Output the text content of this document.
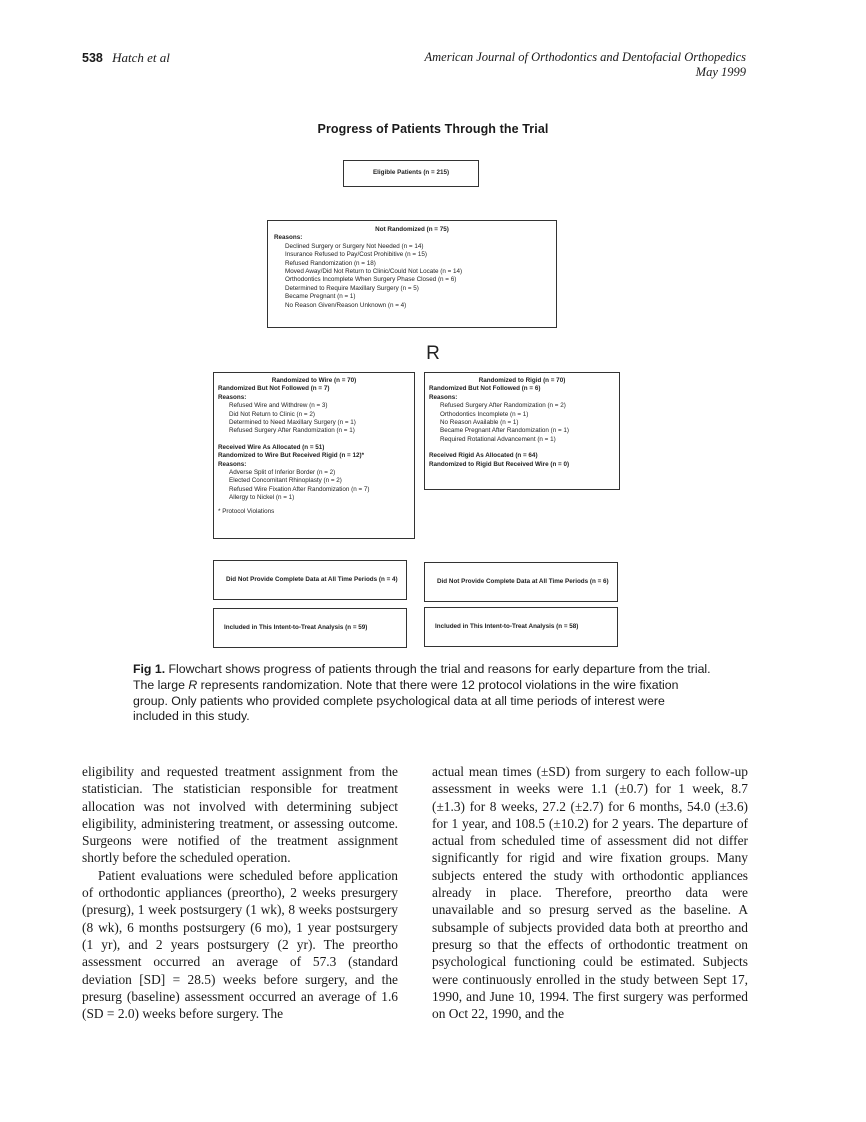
538 Hatch et al	American Journal of Orthodontics and Dentofacial Orthopedics
May 1999
Progress of Patients Through the Trial
Eligible Patients (n = 215)
Not Randomized (n = 75)
Reasons:
Declined Surgery or Surgery Not Needed (n = 14)
Insurance Refused to Pay/Cost Prohibitive (n = 15)
Refused Randomization (n = 18)
Moved Away/Did Not Return to Clinic/Could Not Locate (n = 14)
Orthodontics Incomplete When Surgery Phase Closed (n = 6)
Determined to Require Maxillary Surgery (n = 5)
Became Pregnant (n = 1)
No Reason Given/Reason Unknown (n = 4)
R
Randomized to Wire (n = 70)
Randomized But Not Followed (n = 7)
Reasons:
Refused Wire and Withdrew (n = 3)
Did Not Return to Clinic (n = 2)
Determined to Need Maxillary Surgery (n = 1)
Refused Surgery After Randomization (n = 1)
Received Wire As Allocated (n = 51)
Randomized to Wire But Received Rigid (n = 12)*
Reasons:
Adverse Split of Inferior Border (n = 2)
Elected Concomitant Rhinoplasty (n = 2)
Refused Wire Fixation After Randomization (n = 7)
Allergy to Nickel (n = 1)
* Protocol Violations
Randomized to Rigid (n = 70)
Randomized But Not Followed (n = 6)
Reasons:
Refused Surgery After Randomization (n = 2)
Orthodontics Incomplete (n = 1)
No Reason Available (n = 1)
Became Pregnant After Randomization (n = 1)
Required Rotational Advancement (n = 1)
Received Rigid As Allocated (n = 64)
Randomized to Rigid But Received Wire (n = 0)
Did Not Provide Complete Data at All Time Periods (n = 4)	Did Not Provide Complete Data at All Time Periods (n = 6)
Included in This Intent-to-Treat Analysis (n = 59)	Included in This Intent-to-Treat Analysis (n = 58)
Fig 1. Flowchart shows progress of patients through the trial and reasons for early departure from the trial. The large R represents randomization. Note that there were 12 protocol violations in the wire fixation group. Only patients who provided complete psychological data at all time periods of interest were included in this study.

eligibility and requested treatment assignment from the statistician. The statistician responsible for treatment allocation was not involved with determining subject eligibility, administering treatment, or assessing outcome. Surgeons were notified of the treatment assignment shortly before the scheduled operation.

Patient evaluations were scheduled before application of orthodontic appliances (preortho), 2 weeks presurgery (presurg), 1 week postsurgery (1 wk), 8 weeks postsurgery (8 wk), 6 months postsurgery (6 mo), 1 year postsurgery (1 yr), and 2 years postsurgery (2 yr). The preortho assessment occurred an average of 57.3 (standard deviation [SD] = 28.5) weeks before surgery, and the presurg (baseline) assessment occurred an average of 1.6 (SD = 2.0) weeks before surgery. The

actual mean times (±SD) from surgery to each follow-up assessment in weeks were 1.1 (±0.7) for 1 week, 8.7 (±1.3) for 8 weeks, 27.2 (±2.7) for 6 months, 54.0 (±3.6) for 1 year, and 108.5 (±10.2) for 2 years. The departure of actual from scheduled time of assessment did not differ significantly for rigid and wire fixation groups. Many subjects entered the study with orthodontic appliances already in place. Therefore, preortho data were unavailable and so presurg served as the baseline. A subsample of subjects provided data both at preortho and presurg so that the effects of orthodontic treatment on psychological functioning could be estimated. Subjects were continuously enrolled in the study between Sept 17, 1990, and June 10, 1994. The first surgery was performed on Oct 22, 1990, and the
